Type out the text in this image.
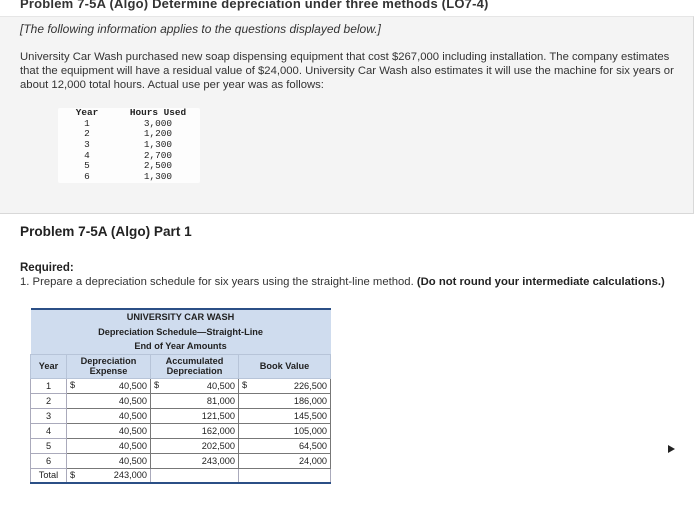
Problem 7-5A (Algo) Determine depreciation under three methods (LO7-4)
[The following information applies to the questions displayed below.]
University Car Wash purchased new soap dispensing equipment that cost $267,000 including installation. The company estimates that the equipment will have a residual value of $24,000. University Car Wash also estimates it will use the machine for six years or about 12,000 total hours. Actual use per year was as follows:
Year	Hours Used
1	3,000
2	1,200
3	1,300
4	2,700
5	2,500
6	1,300
Problem 7-5A (Algo) Part 1
Required:
1. Prepare a depreciation schedule for six years using the straight-line method. (Do not round your intermediate calculations.)
UNIVERSITY CAR WASH			
Depreciation Schedule—Straight-Line			
End of Year Amounts			
Year	Depreciation Expense	Accumulated Depreciation	Book Value
1	$ 40,500	$ 40,500	$ 226,500
2	40,500	81,000	186,000
3	40,500	121,500	145,500
4	40,500	162,000	105,000
5	40,500	202,500	64,500
6	40,500	243,000	24,000
Total	$ 243,000		
